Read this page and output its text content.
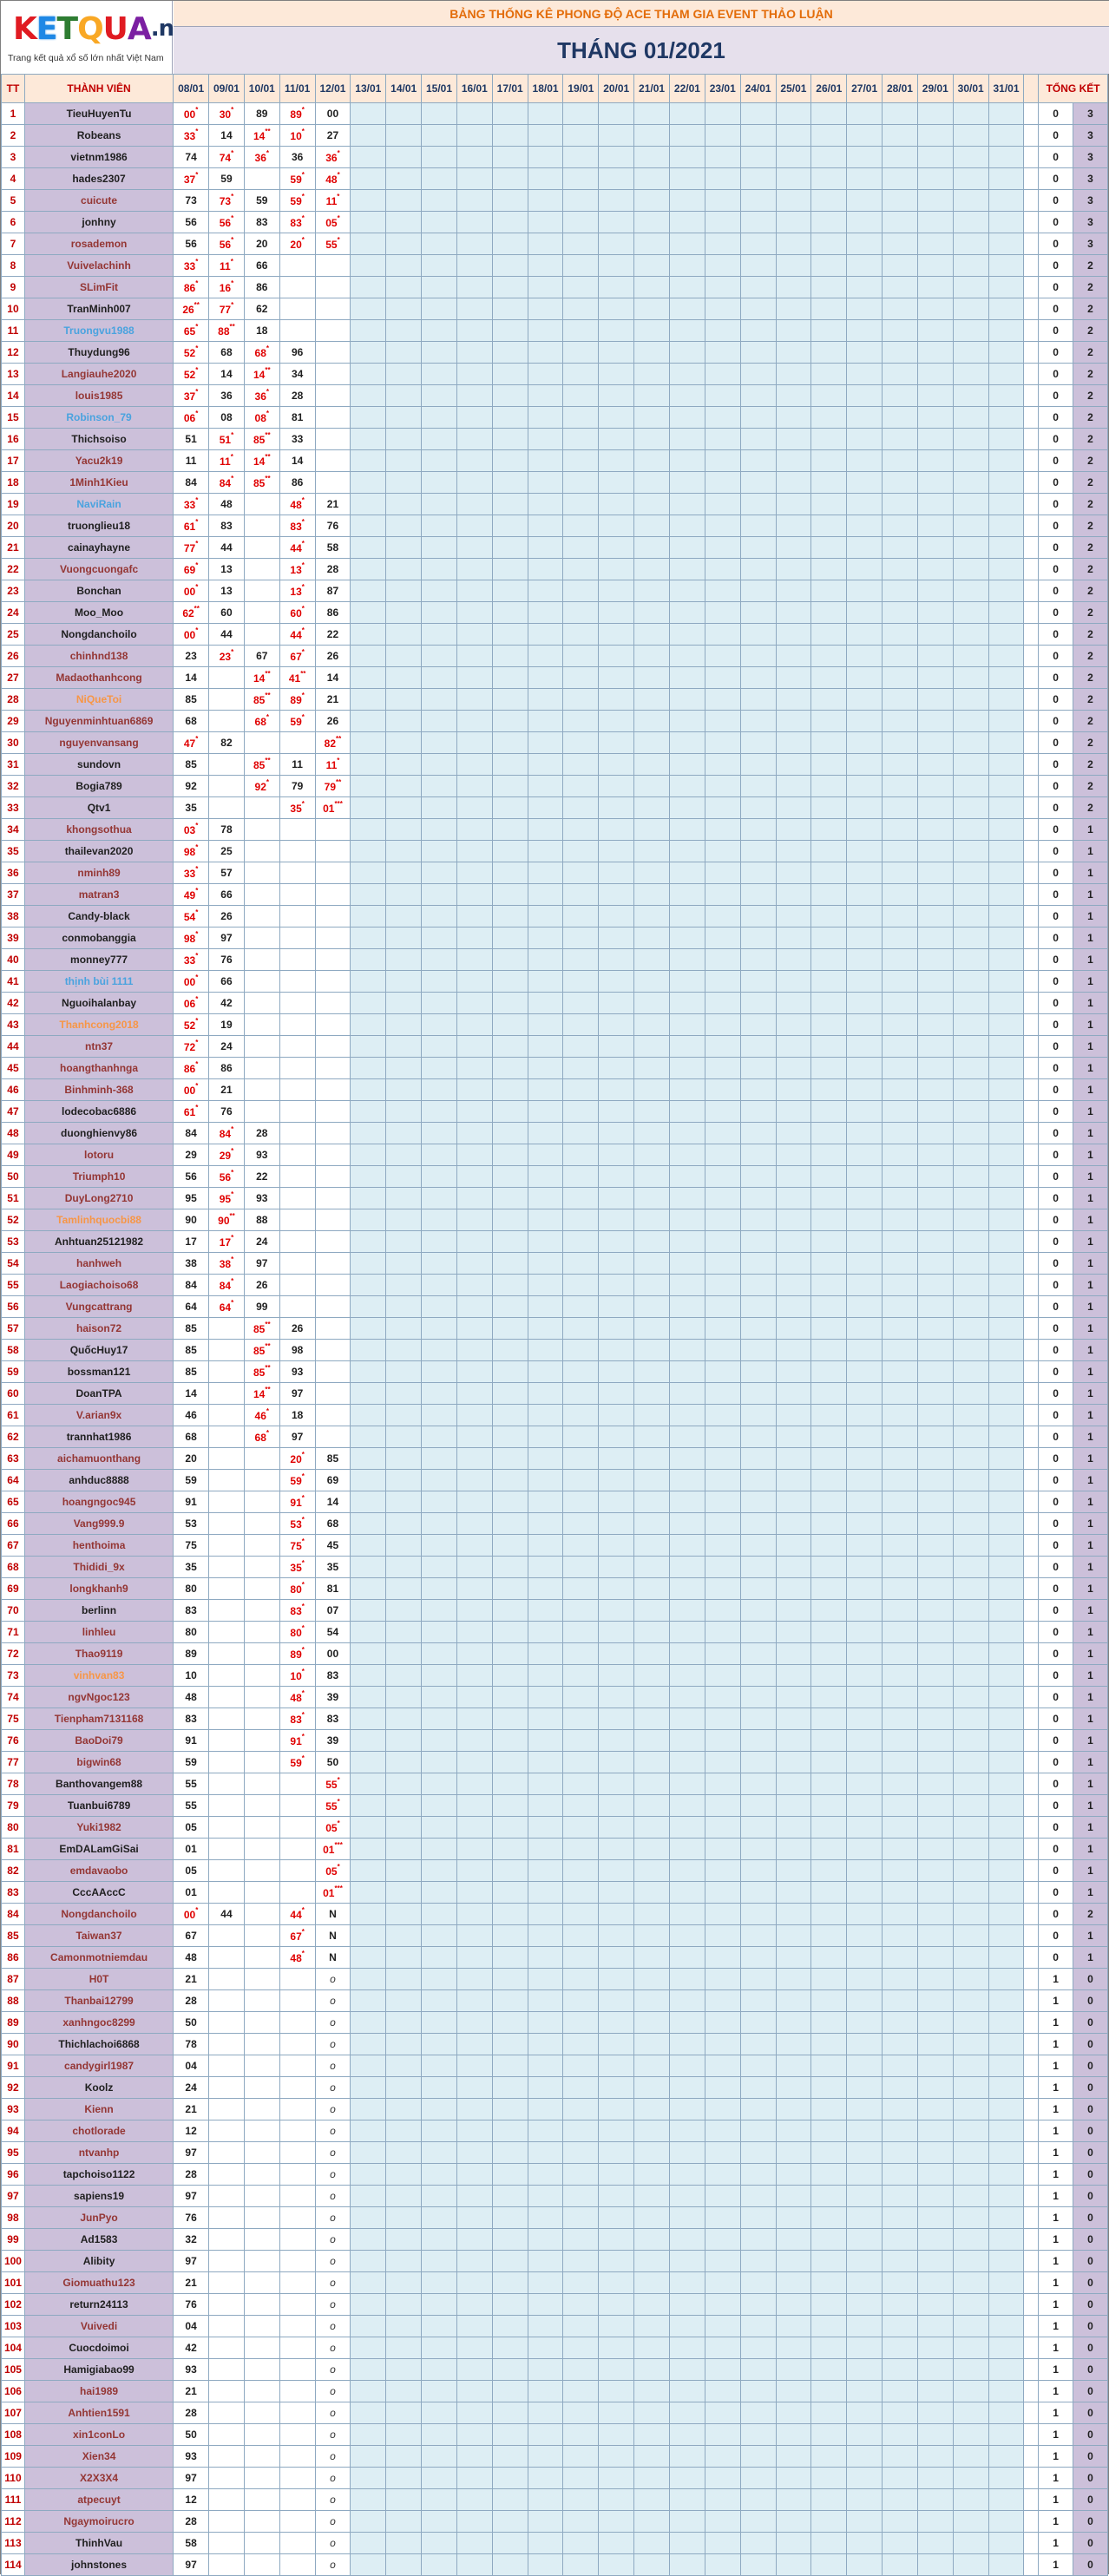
K E T Q U A . n
Trang kết quả xổ số lớn nhất Việt Nam
BẢNG THỐNG KÊ PHONG ĐỘ ACE THAM GIA EVENT THẢO LUẬN
THÁNG 01/2021
TT	THÀNH VIÊN	08/01	09/01	10/01	11/01	12/01	13/01	14/01	15/01	16/01	17/01	18/01	19/01	20/01	21/01	22/01	23/01	24/01	25/01	26/01	27/01	28/01	29/01	30/01	31/01		TỔNG KẾT	
1	TieuHuyenTu	00*	30*	89	89*	00																					0	3
2	Robeans	33*	14	14**	10*	27																					0	3
3	vietnm1986	74	74*	36*	36	36*																					0	3
4	hades2307	37*	59		59*	48*																					0	3
5	cuicute	73	73*	59	59*	11*																					0	3
6	jonhny	56	56*	83	83*	05*																					0	3
7	rosademon	56	56*	20	20*	55*																					0	3
8	Vuivelachinh	33*	11*	66																							0	2
9	SLimFit	86*	16*	86																							0	2
10	TranMinh007	26**	77*	62																							0	2
11	Truongvu1988	65*	88**	18																							0	2
12	Thuydung96	52*	68	68*	96																						0	2
13	Langiauhe2020	52*	14	14**	34																						0	2
14	louis1985	37*	36	36*	28																						0	2
15	Robinson_79	06*	08	08*	81																						0	2
16	Thichsoiso	51	51*	85**	33																						0	2
17	Yacu2k19	11	11*	14**	14																						0	2
18	1Minh1Kieu	84	84*	85**	86																						0	2
19	NaviRain	33*	48		48*	21																					0	2
20	truonglieu18	61*	83		83*	76																					0	2
21	cainayhayne	77*	44		44*	58																					0	2
22	Vuongcuongafc	69*	13		13*	28																					0	2
23	Bonchan	00*	13		13*	87																					0	2
24	Moo_Moo	62**	60		60*	86																					0	2
25	Nongdanchoilo	00*	44		44*	22																					0	2
26	chinhnd138	23	23*	67	67*	26																					0	2
27	Madaothanhcong	14		14**	41**	14																					0	2
28	NiQueToi	85		85**	89*	21																					0	2
29	Nguyenminhtuan6869	68		68*	59*	26																					0	2
30	nguyenvansang	47*	82			82**																					0	2
31	sundovn	85		85**	11	11*																					0	2
32	Bogia789	92		92*	79	79**																					0	2
33	Qtv1	35			35*	01***																					0	2
34	khongsothua	03*	78																								0	1
35	thailevan2020	98*	25																								0	1
36	nminh89	33*	57																								0	1
37	matran3	49*	66																								0	1
38	Candy-black	54*	26																								0	1
39	conmobanggia	98*	97																								0	1
40	monney777	33*	76																								0	1
41	thịnh bùi 1111	00*	66																								0	1
42	Nguoihalanbay	06*	42																								0	1
43	Thanhcong2018	52*	19																								0	1
44	ntn37	72*	24																								0	1
45	hoangthanhnga	86*	86																								0	1
46	Binhminh-368	00*	21																								0	1
47	lodecobac6886	61*	76																								0	1
48	duonghienvy86	84	84*	28																							0	1
49	lotoru	29	29*	93																							0	1
50	Triumph10	56	56*	22																							0	1
51	DuyLong2710	95	95*	93																							0	1
52	Tamlinhquocbi88	90	90**	88																							0	1
53	Anhtuan25121982	17	17*	24																							0	1
54	hanhweh	38	38*	97																							0	1
55	Laogiachoiso68	84	84*	26																							0	1
56	Vungcattrang	64	64*	99																							0	1
57	haison72	85		85**	26																						0	1
58	QuốcHuy17	85		85**	98																						0	1
59	bossman121	85		85**	93																						0	1
60	DoanTPA	14		14**	97																						0	1
61	V.arian9x	46		46*	18																						0	1
62	trannhat1986	68		68*	97																						0	1
63	aichamuonthang	20			20*	85																					0	1
64	anhduc8888	59			59*	69																					0	1
65	hoangngoc945	91			91*	14																					0	1
66	Vang999.9	53			53*	68																					0	1
67	henthoima	75			75*	45																					0	1
68	Thididi_9x	35			35*	35																					0	1
69	longkhanh9	80			80*	81																					0	1
70	berlinn	83			83*	07																					0	1
71	linhleu	80			80*	54																					0	1
72	Thao9119	89			89*	00																					0	1
73	vinhvan83	10			10*	83																					0	1
74	ngvNgoc123	48			48*	39																					0	1
75	Tienpham7131168	83			83*	83																					0	1
76	BaoDoi79	91			91*	39																					0	1
77	bigwin68	59			59*	50																					0	1
78	Banthovangem88	55				55*																					0	1
79	Tuanbui6789	55				55*																					0	1
80	Yuki1982	05				05*																					0	1
81	EmDALamGiSai	01				01***																					0	1
82	emdavaobo	05				05*																					0	1
83	CccAAccC	01				01***																					0	1
84	Nongdanchoilo	00*	44		44*	N																					0	2
85	Taiwan37	67			67*	N																					0	1
86	Camonmotniemdau	48			48*	N																					0	1
87	H0T	21				o																					1	0
88	Thanbai12799	28				o																					1	0
89	xanhngoc8299	50				o																					1	0
90	Thichlachoi6868	78				o																					1	0
91	candygirl1987	04				o																					1	0
92	Koolz	24				o																					1	0
93	Kienn	21				o																					1	0
94	chotlorade	12				o																					1	0
95	ntvanhp	97				o																					1	0
96	tapchoiso1122	28				o																					1	0
97	sapiens19	97				o																					1	0
98	JunPyo	76				o																					1	0
99	Ad1583	32				o																					1	0
100	Alibity	97				o																					1	0
101	Giomuathu123	21				o																					1	0
102	return24113	76				o																					1	0
103	Vuivedi	04				o																					1	0
104	Cuocdoimoi	42				o																					1	0
105	Hamigiabao99	93				o																					1	0
106	hai1989	21				o																					1	0
107	Anhtien1591	28				o																					1	0
108	xin1conLo	50				o																					1	0
109	Xien34	93				o																					1	0
110	X2X3X4	97				o																					1	0
111	atpecuyt	12				o																					1	0
112	Ngaymoirucro	28				o																					1	0
113	ThinhVau	58				o																					1	0
114	johnstones	97				o																					1	0
